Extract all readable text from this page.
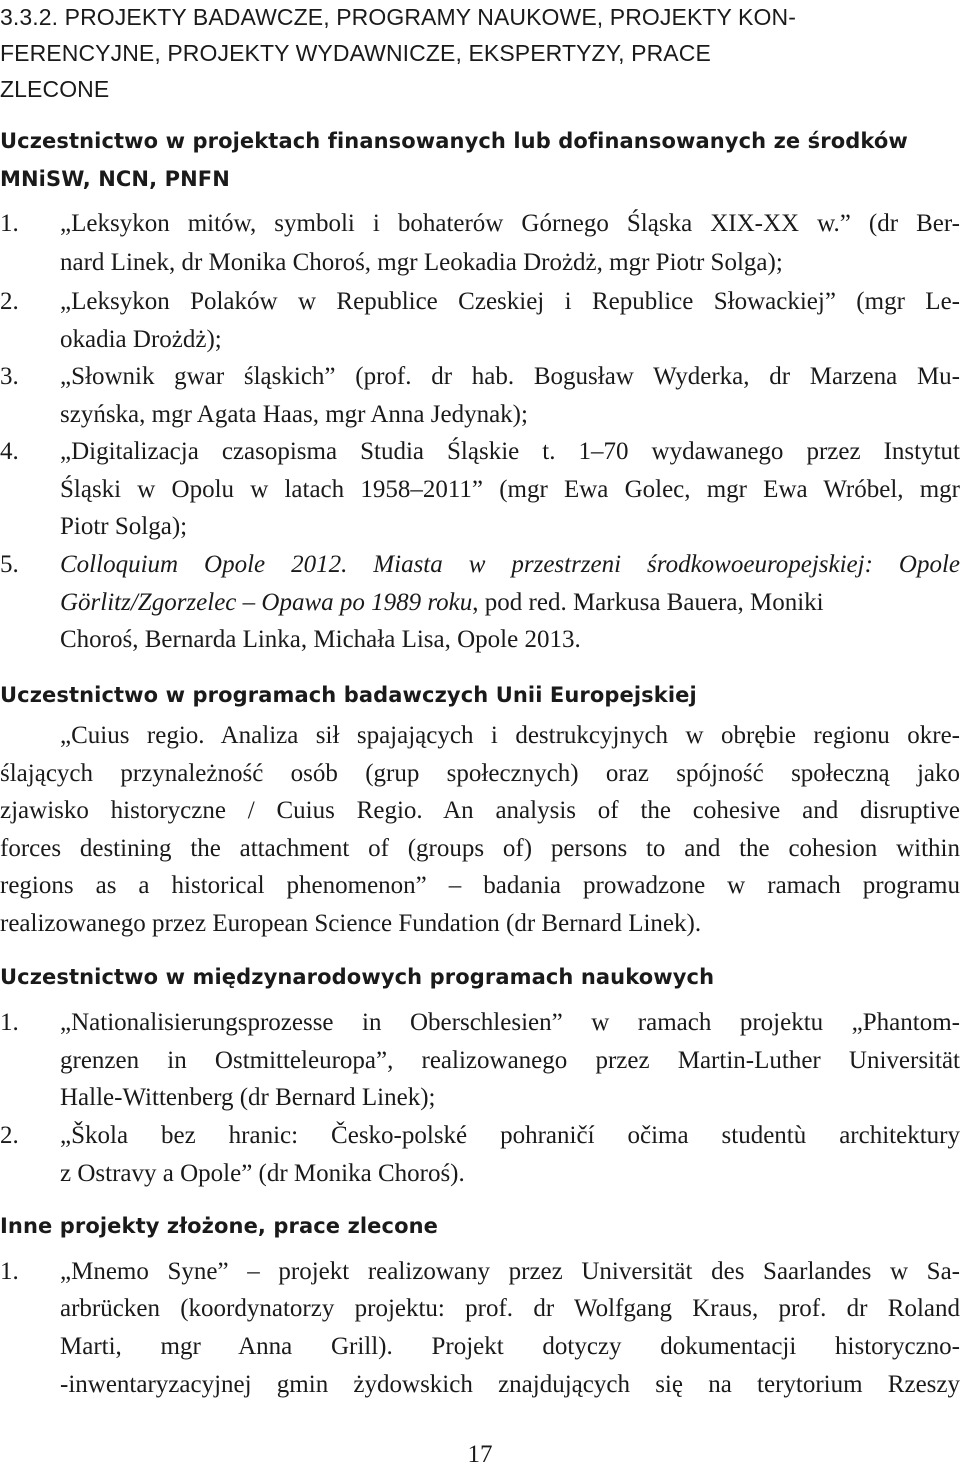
3.3.2. PROJEKTY BADAWCZE, PROGRAMY NAUKOWE, PROJEKTY KON-
FERENCYJNE, PROJEKTY WYDAWNICZE, EKSPERTYZY, PRACE
ZLECONE
Uczestnictwo w projektach finansowanych lub dofinansowanych ze środków
MNiSW, NCN, PNFN
1.	„Leksykon mitów, symboli i bohaterów Górnego Śląska XIX-XX w.” (dr Ber-
nard Linek, dr Monika Choroś, mgr Leokadia Drożdż, mgr Piotr Solga);
2.	„Leksykon Polaków w Republice Czeskiej i Republice Słowackiej” (mgr Le-
okadia Drożdż);
3.	„Słownik gwar śląskich” (prof. dr hab. Bogusław Wyderka, dr Marzena Mu-
szyńska, mgr Agata Haas, mgr Anna Jedynak);
4.	„Digitalizacja czasopisma Studia Śląskie t. 1–70 wydawanego przez Instytut
Śląski w Opolu w latach 1958–2011” (mgr Ewa Golec, mgr Ewa Wróbel, mgr
Piotr Solga);
5.	Colloquium Opole 2012. Miasta w przestrzeni środkowoeuropejskiej: Opole
Görlitz/Zgorzelec – Opawa po 1989 roku , pod red. Markusa Bauera, Moniki
Choroś, Bernarda Linka, Michała Lisa, Opole 2013.
Uczestnictwo w programach badawczych Unii Europejskiej
„Cuius regio. Analiza sił spajających i destrukcyjnych w obrębie regionu okre-
ślających przynależność osób (grup społecznych) oraz spójność społeczną jako
zjawisko historyczne / Cuius Regio. An analysis of the cohesive and disruptive
forces destining the attachment of (groups of) persons to and the cohesion within
regions as a historical phenomenon” – badania prowadzone w ramach programu
realizowanego przez European Science Fundation (dr Bernard Linek).
Uczestnictwo w międzynarodowych programach naukowych
1.	„Nationalisierungsprozesse in Oberschlesien” w ramach projektu „Phantom-
grenzen in Ostmitteleuropa”, realizowanego przez Martin-Luther Universität
Halle-Wittenberg (dr Bernard Linek);
2.	„Škola bez hranic: Česko-polské pohraničí očima studentù architektury
z Ostravy a Opole” (dr Monika Choroś).
Inne projekty złożone, prace zlecone
1.	„Mnemo Syne” – projekt realizowany przez Universität des Saarlandes w Sa-
arbrücken (koordynatorzy projektu: prof. dr Wolfgang Kraus, prof. dr Roland
Marti, mgr Anna Grill). Projekt dotyczy dokumentacji historyczno-
-inwentaryzacyjnej gmin żydowskich znajdujących się na terytorium Rzeszy
17
